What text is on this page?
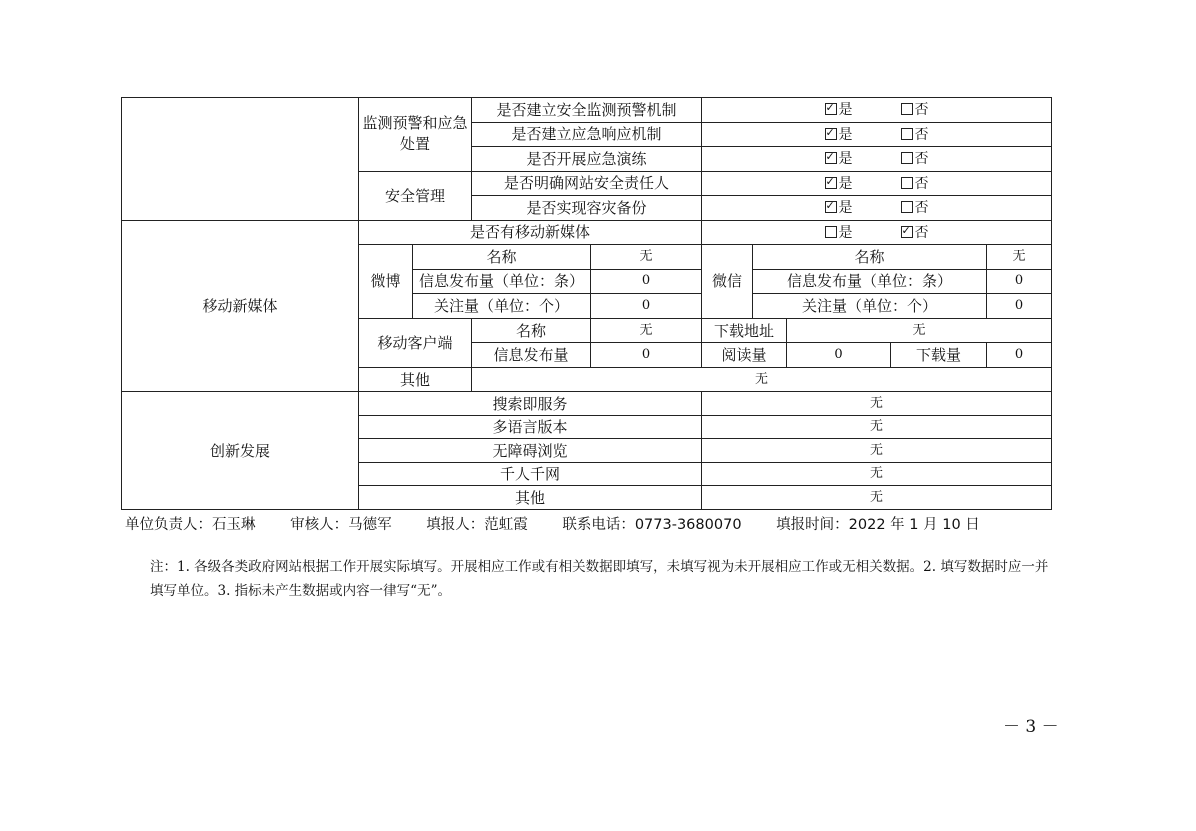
	监测预警和应急处置		是否建立安全监测预警机制	✓是 否
			是否建立应急响应机制	✓是 否
			是否开展应急演练	✓是 否
	安全管理		是否明确网站安全责任人	✓是 否
			是否实现容灾备份	✓是 否
移动新媒体	是否有移动新媒体				是 ✓ 否
	微博	名称		无	微信	名称			无
		信息发布量（单位：条）		0		信息发布量（单位：条）			0
		关注量（单位：个）		0		关注量（单位：个）			0
	移动客户端		名称	无	下载地址		无		
			信息发布量	0	阅读量		0	下载量	0
	其他		无						
创新发展	搜索即服务				无				
	多语言版本				无				
	无障碍浏览				无				
	千人千网				无				
	其他				无				
单位负责人：石玉琳 审核人：马德军 填报人：范虹霞 联系电话：0773-3680070 填报时间：2022 年 1 月 10 日
注：1. 各级各类政府网站根据工作开展实际填写。开展相应工作或有相关数据即填写，未填写视为未开展相应工作或无相关数据。2. 填写数据时应一并填写单位。3. 指标未产生数据或内容一律写“无”。
－ 3 －
